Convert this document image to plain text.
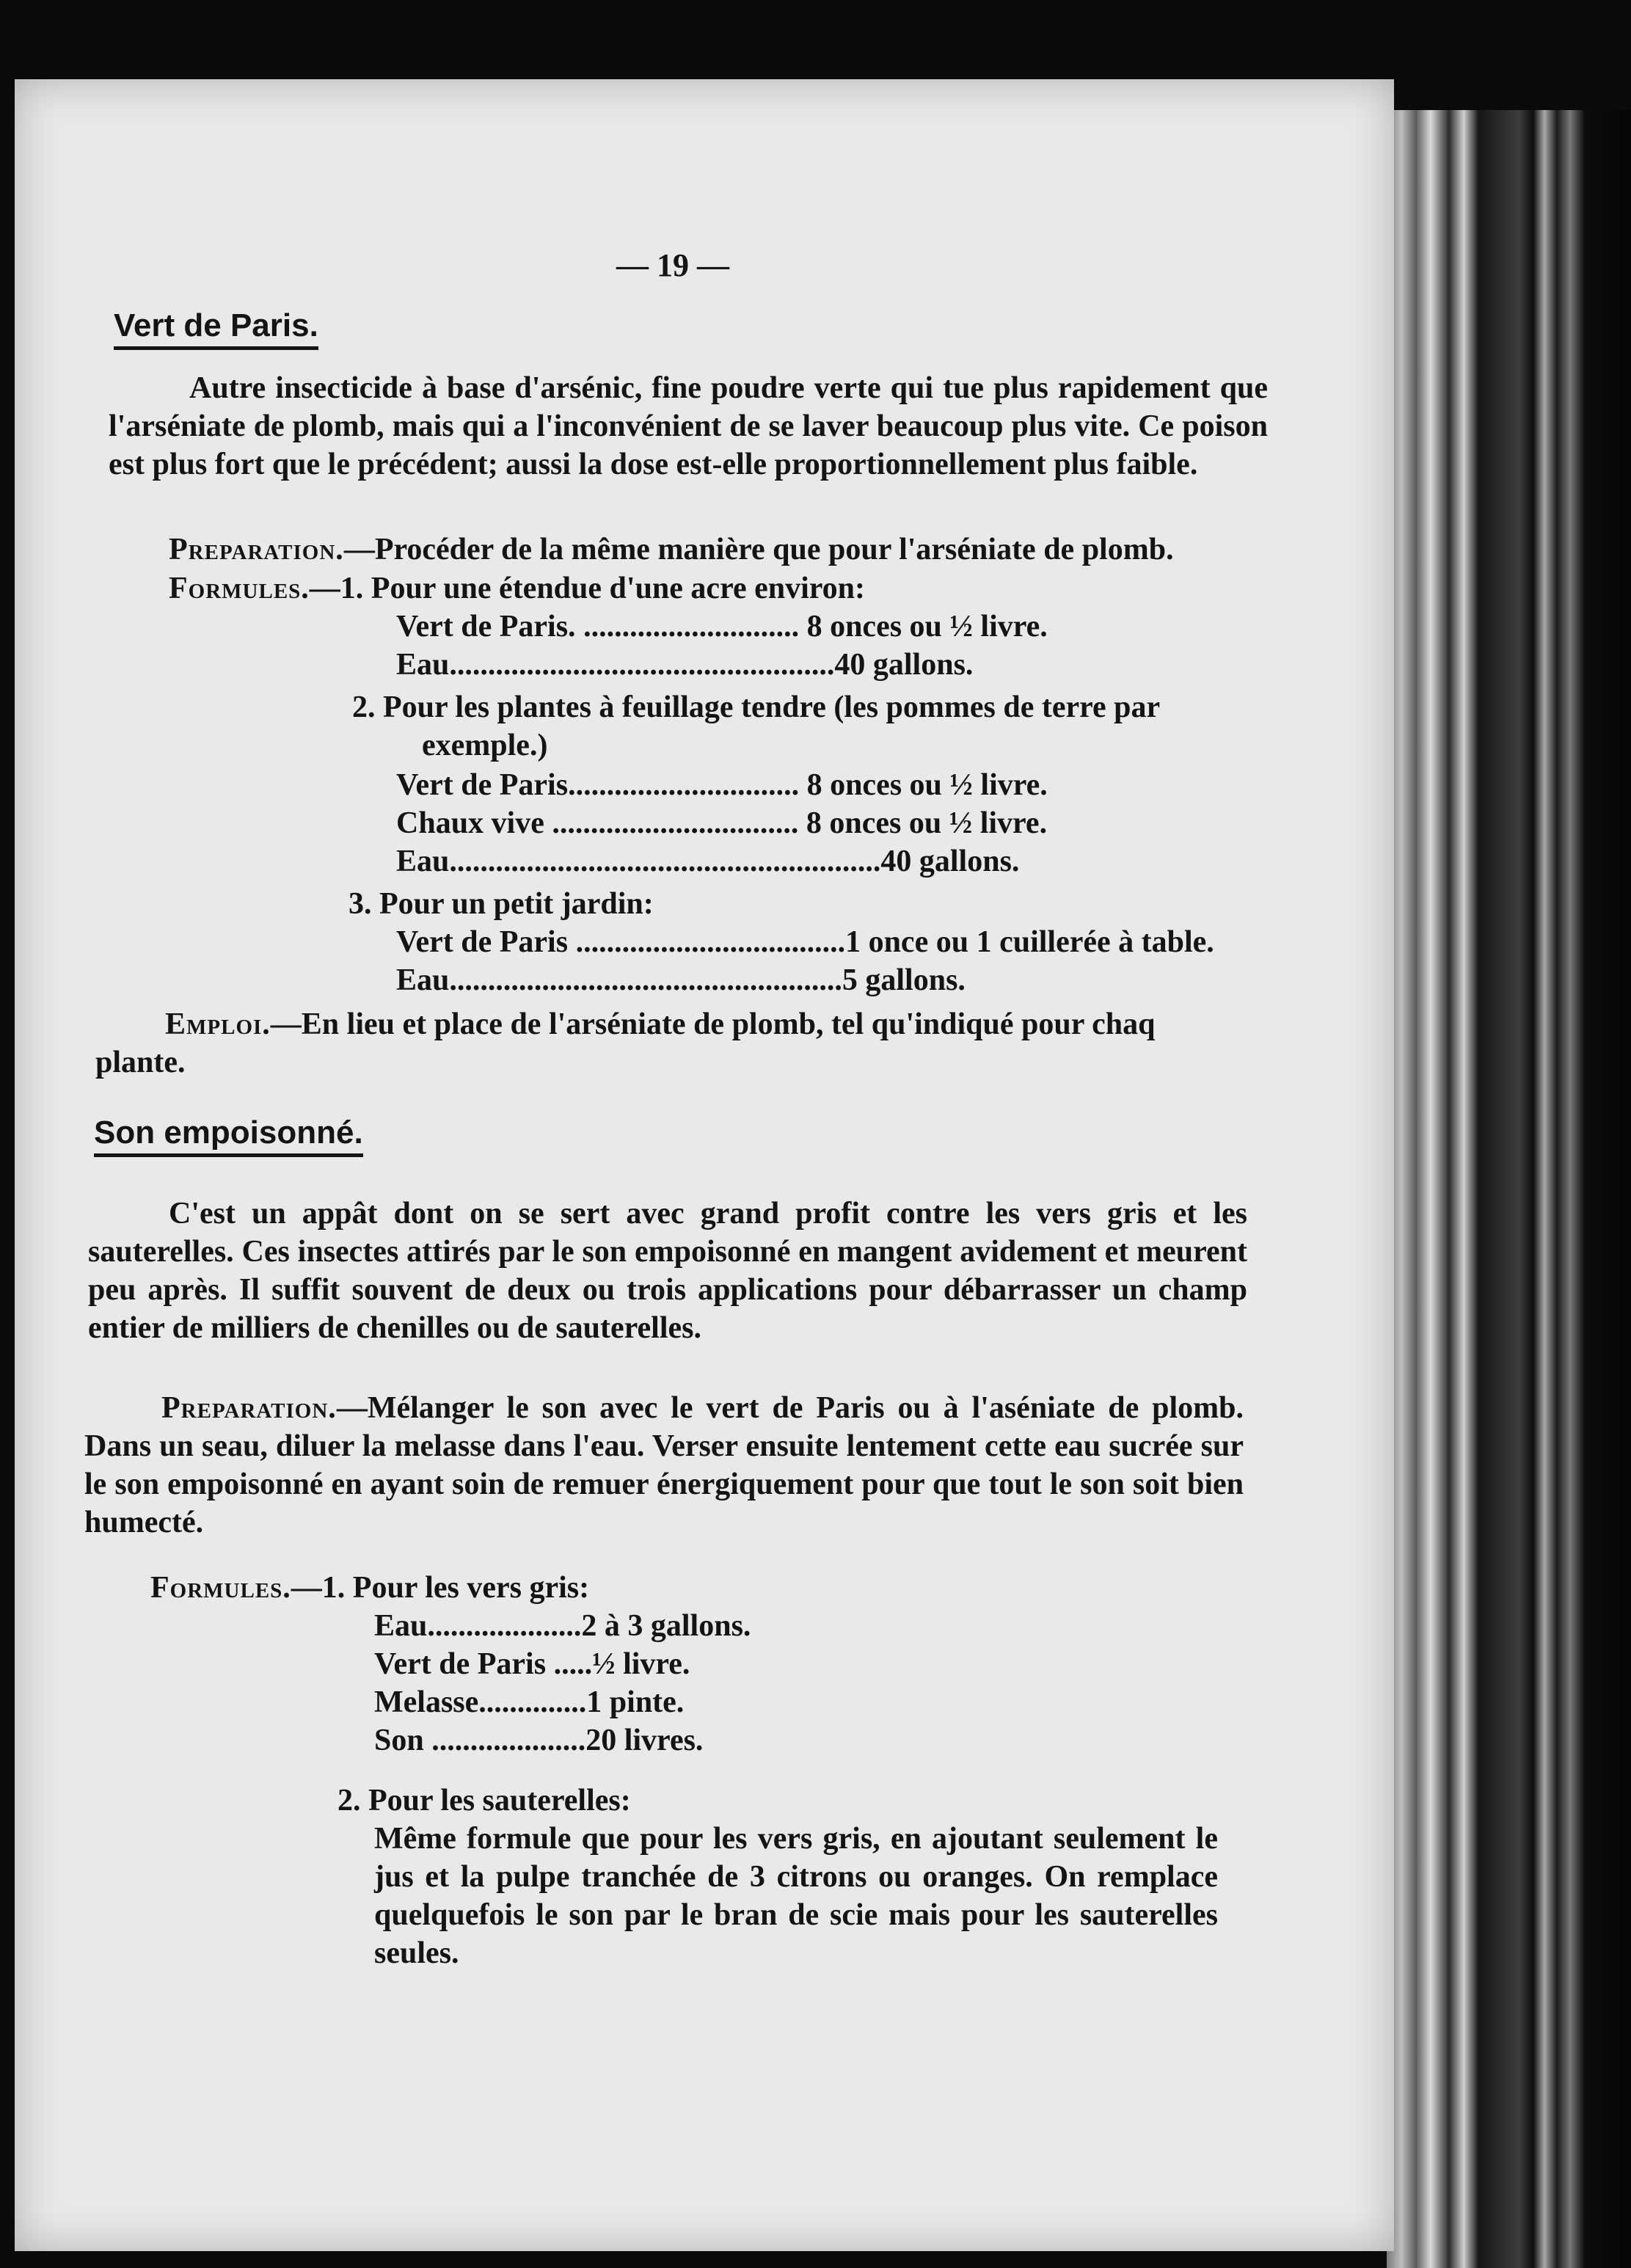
— 19 —
Vert de Paris.
Autre insecticide à base d'arsénic, fine poudre verte qui tue plus rapidement que l'arséniate de plomb, mais qui a l'inconvénient de se laver beaucoup plus vite. Ce poison est plus fort que le précédent; aussi la dose est-elle proportionnellement plus faible.
Preparation.—Procéder de la même manière que pour l'arséniate de plomb.
Formules.—1. Pour une étendue d'une acre environ:
Vert de Paris. ............................ 8 onces ou ½ livre.
Eau..................................................40 gallons.
2. Pour les plantes à feuillage tendre (les pommes de terre par
exemple.)
Vert de Paris.............................. 8 onces ou ½ livre.
Chaux vive ................................ 8 onces ou ½ livre.
Eau........................................................40 gallons.
3. Pour un petit jardin:
Vert de Paris ...................................1 once ou 1 cuillerée à table.
Eau...................................................5 gallons.
Emploi.—En lieu et place de l'arséniate de plomb, tel qu'indiqué pour chaq
plante.
Son empoisonné.
C'est un appât dont on se sert avec grand profit contre les vers gris et les sauterelles. Ces insectes attirés par le son empoisonné en mangent avidement et meurent peu après. Il suffit souvent de deux ou trois applications pour débarrasser un champ entier de milliers de chenilles ou de sauterelles.
Preparation.—Mélanger le son avec le vert de Paris ou à l'aséniate de plomb. Dans un seau, diluer la melasse dans l'eau. Verser ensuite lentement cette eau sucrée sur le son empoisonné en ayant soin de remuer énergiquement pour que tout le son soit bien humecté.
Formules.—1. Pour les vers gris:
Eau....................2 à 3 gallons.
Vert de Paris .....½ livre.
Melasse..............1 pinte.
Son ....................20 livres.
2. Pour les sauterelles:
Même formule que pour les vers gris, en ajoutant seulement le jus et la pulpe tranchée de 3 citrons ou oranges. On remplace quelquefois le son par le bran de scie mais pour les sauterelles seules.
